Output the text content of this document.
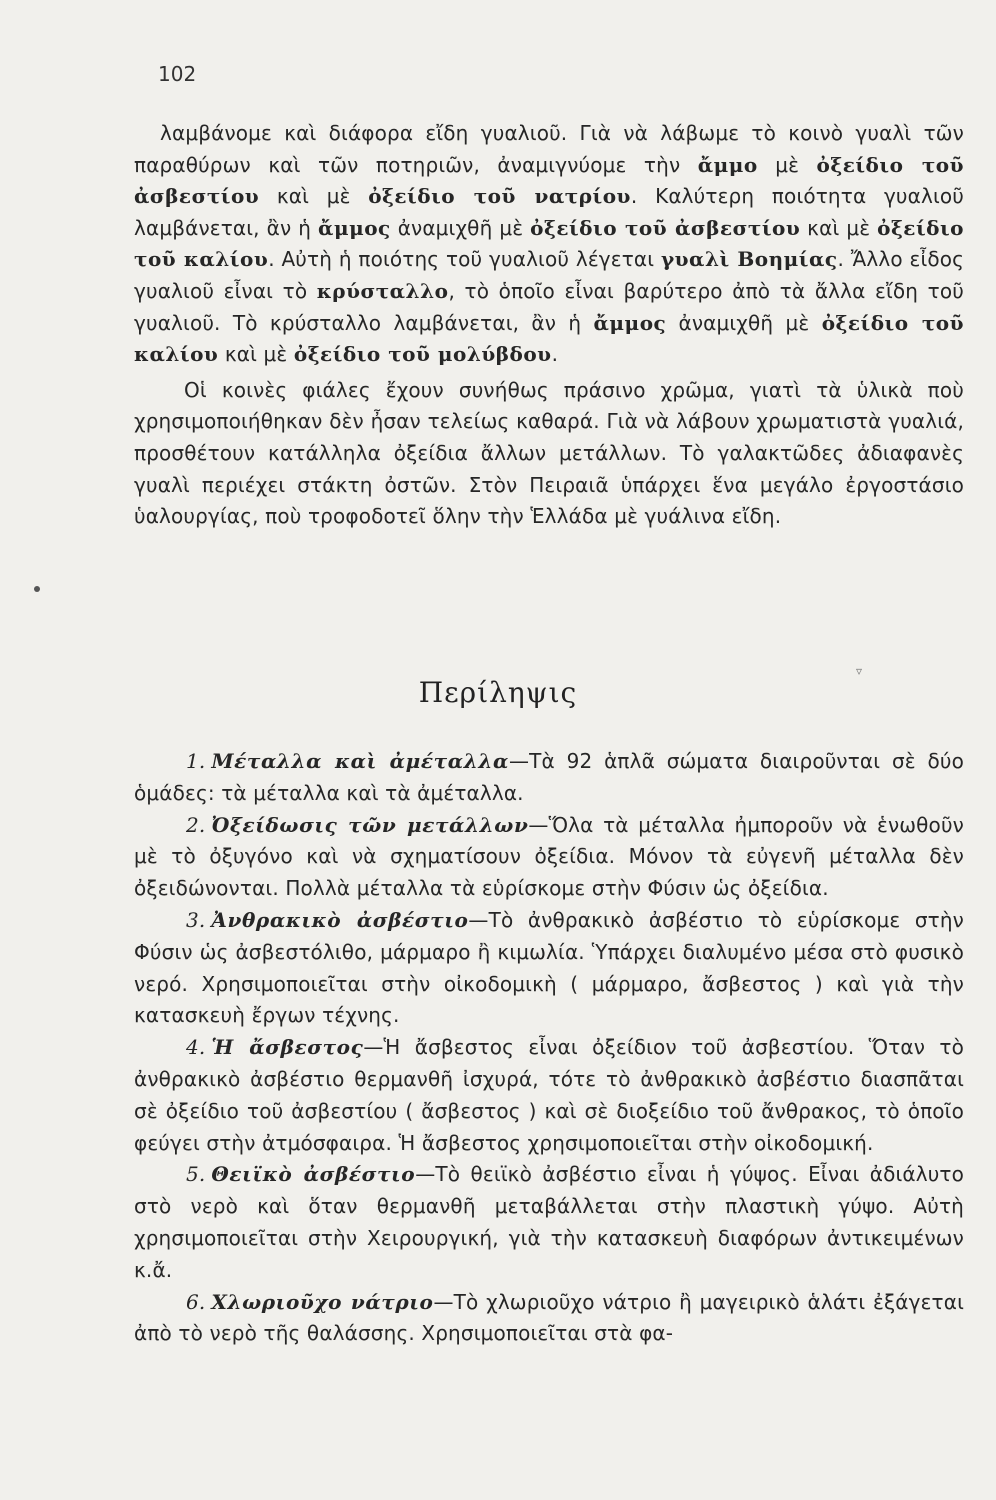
102

λαμβάνομε καὶ διάφορα εἴδη γυαλιοῦ. Γιὰ νὰ λάβωμε τὸ κοινὸ γυαλὶ τῶν παραθύρων καὶ τῶν ποτηριῶν, ἀναμιγνύομε τὴν ἄμμο μὲ ὀξείδιο τοῦ ἀσβεστίου καὶ μὲ ὀξείδιο τοῦ νατρίου. Καλύτερη ποιότητα γυαλιοῦ λαμβάνεται, ἂν ἡ ἄμμος ἀναμιχθῆ μὲ ὀξείδιο τοῦ ἀσβεστίου καὶ μὲ ὀξείδιο τοῦ καλίου. Αὐτὴ ἡ ποιότης τοῦ γυαλιοῦ λέγεται γυαλὶ Βοημίας. Ἄλλο εἶδος γυαλιοῦ εἶναι τὸ κρύσταλλο, τὸ ὁποῖο εἶναι βαρύτερο ἀπὸ τὰ ἄλλα εἴδη τοῦ γυαλιοῦ. Τὸ κρύσταλλο λαμβάνεται, ἂν ἡ ἄμμος ἀναμιχθῆ μὲ ὀξείδιο τοῦ καλίου καὶ μὲ ὀξείδιο τοῦ μολύβδου.

Οἱ κοινὲς φιάλες ἔχουν συνήθως πράσινο χρῶμα, γιατὶ τὰ ὑλικὰ ποὺ χρησιμοποιήθηκαν δὲν ἦσαν τελείως καθαρά. Γιὰ νὰ λάβουν χρωματιστὰ γυαλιά, προσθέτουν κατάλληλα ὀξείδια ἄλλων μετάλλων. Τὸ γαλακτῶδες ἀδιαφανὲς γυαλὶ περιέχει στάκτη ὀστῶν. Στὸν Πειραιᾶ ὑπάρχει ἕνα μεγάλο ἐργοστάσιο ὑαλουργίας, ποὺ τροφοδοτεῖ ὅλην τὴν Ἑλλάδα μὲ γυάλινα εἴδη.

▿
Περίληψις

1. Μέταλλα καὶ ἀμέταλλα—Τὰ 92 ἁπλᾶ σώματα διαιροῦνται σὲ δύο ὁμάδες: τὰ μέταλλα καὶ τὰ ἀμέταλλα.

2. Ὀξείδωσις τῶν μετάλλων—Ὅλα τὰ μέταλλα ἠμποροῦν νὰ ἑνωθοῦν μὲ τὸ ὀξυγόνο καὶ νὰ σχηματίσουν ὀξείδια. Μόνον τὰ εὐγενῆ μέταλλα δὲν ὀξειδώνονται. Πολλὰ μέταλλα τὰ εὑρίσκομε στὴν Φύσιν ὡς ὀξείδια.

3. Ἀνθρακικὸ ἀσβέστιο—Τὸ ἀνθρακικὸ ἀσβέστιο τὸ εὑρίσκομε στὴν Φύσιν ὡς ἀσβεστόλιθο, μάρμαρο ἢ κιμωλία. Ὑπάρχει διαλυμένο μέσα στὸ φυσικὸ νερό. Χρησιμοποιεῖται στὴν οἰκοδομικὴ ( μάρμαρο, ἄσβεστος ) καὶ γιὰ τὴν κατασκευὴ ἔργων τέχνης.

4. Ἡ ἄσβεστος—Ἡ ἄσβεστος εἶναι ὀξείδιον τοῦ ἀσβεστίου. Ὅταν τὸ ἀνθρακικὸ ἀσβέστιο θερμανθῆ ἰσχυρά, τότε τὸ ἀνθρακικὸ ἀσβέστιο διασπᾶται σὲ ὀξείδιο τοῦ ἀσβεστίου ( ἄσβεστος ) καὶ σὲ διοξείδιο τοῦ ἄνθρακος, τὸ ὁποῖο φεύγει στὴν ἀτμόσφαιρα. Ἡ ἄσβεστος χρησιμοποιεῖται στὴν οἰκοδομική.

5. Θειϊκὸ ἀσβέστιο—Τὸ θειϊκὸ ἀσβέστιο εἶναι ἡ γύψος. Εἶναι ἀδιάλυτο στὸ νερὸ καὶ ὅταν θερμανθῆ μεταβάλλεται στὴν πλαστικὴ γύψο. Αὐτὴ χρησιμοποιεῖται στὴν Χειρουργική, γιὰ τὴν κατασκευὴ διαφόρων ἀντικειμένων κ.ἄ.

6. Χλωριοῦχο νάτριο—Τὸ χλωριοῦχο νάτριο ἢ μαγειρικὸ ἁλάτι ἐξάγεται ἀπὸ τὸ νερὸ τῆς θαλάσσης. Χρησιμοποιεῖται στὰ φα-
